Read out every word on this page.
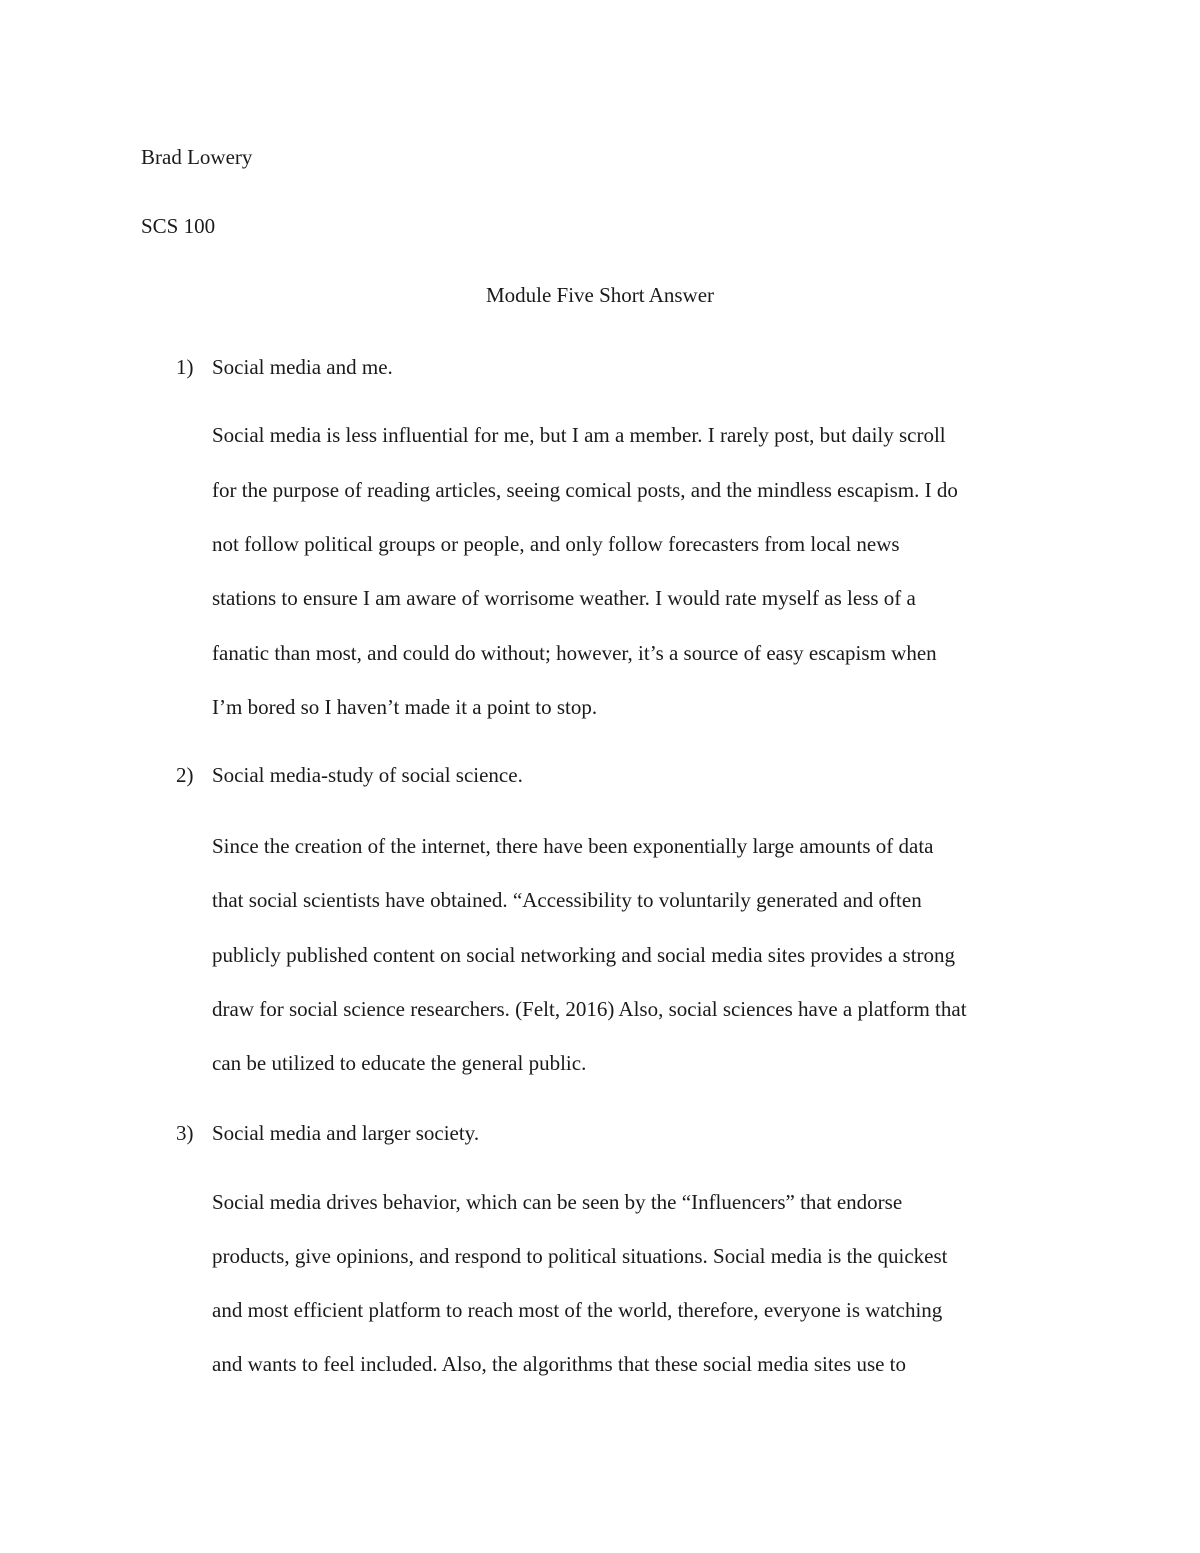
Brad Lowery
SCS 100
Module Five Short Answer
1) Social media and me.
Social media is less influential for me, but I am a member. I rarely post, but daily scroll
for the purpose of reading articles, seeing comical posts, and the mindless escapism. I do
not follow political groups or people, and only follow forecasters from local news
stations to ensure I am aware of worrisome weather. I would rate myself as less of a
fanatic than most, and could do without; however, it’s a source of easy escapism when
I’m bored so I haven’t made it a point to stop.
2) Social media-study of social science.
Since the creation of the internet, there have been exponentially large amounts of data
that social scientists have obtained. “Accessibility to voluntarily generated and often
publicly published content on social networking and social media sites provides a strong
draw for social science researchers. (Felt, 2016) Also, social sciences have a platform that
can be utilized to educate the general public.
3) Social media and larger society.
Social media drives behavior, which can be seen by the “Influencers” that endorse
products, give opinions, and respond to political situations. Social media is the quickest
and most efficient platform to reach most of the world, therefore, everyone is watching
and wants to feel included. Also, the algorithms that these social media sites use to
